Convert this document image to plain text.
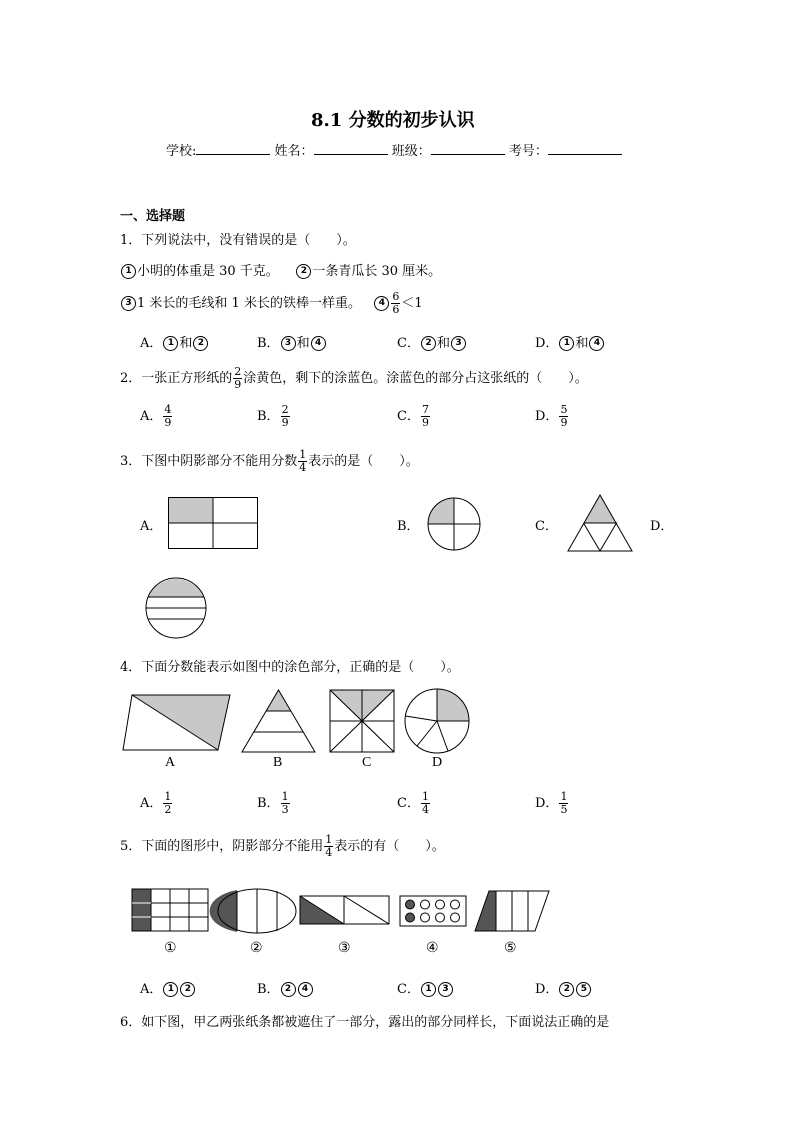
8.1 分数的初步认识
学校:	姓名：	班级：	考号：
一、选择题
1．下列说法中，没有错误的是（　　）。
1 小明的体重是 30 千克。 2 一条青瓜长 30 厘米。
3 1 米长的毛线和 1 米长的铁棒一样重。 $4 \frac{6}{6} <1$
A． 1 和 2	B． 3 和 4	C． 2 和 3	D． 1 和 4
2．一张正方形纸的 $\frac{2}{9}$ 涂黄色，剩下的涂蓝色。涂蓝色的部分占这张纸的（　　）。
A． $\frac{4}{9}$	B． $\frac{2}{9}$	C． $\frac{7}{9}$	D． $\frac{5}{9}$
3．下图中阴影部分不能用分数 $\frac{1}{4}$ 表示的是（　　）。
A．	B．	C．	D．
4．下面分数能表示如图中的涂色部分，正确的是（　　）。
A	B	C	D
A． $\frac{1}{2}$	B． $\frac{1}{3}$	C． $\frac{1}{4}$	D． $\frac{1}{5}$
5．下面的图形中，阴影部分不能用 $\frac{1}{4}$ 表示的有（　　）。
①	②	③	④	⑤
A． 1 2	B． 2 4	C． 1 3	D． 2 5
6．如下图，甲乙两张纸条都被遮住了一部分，露出的部分同样长，下面说法正确的是
